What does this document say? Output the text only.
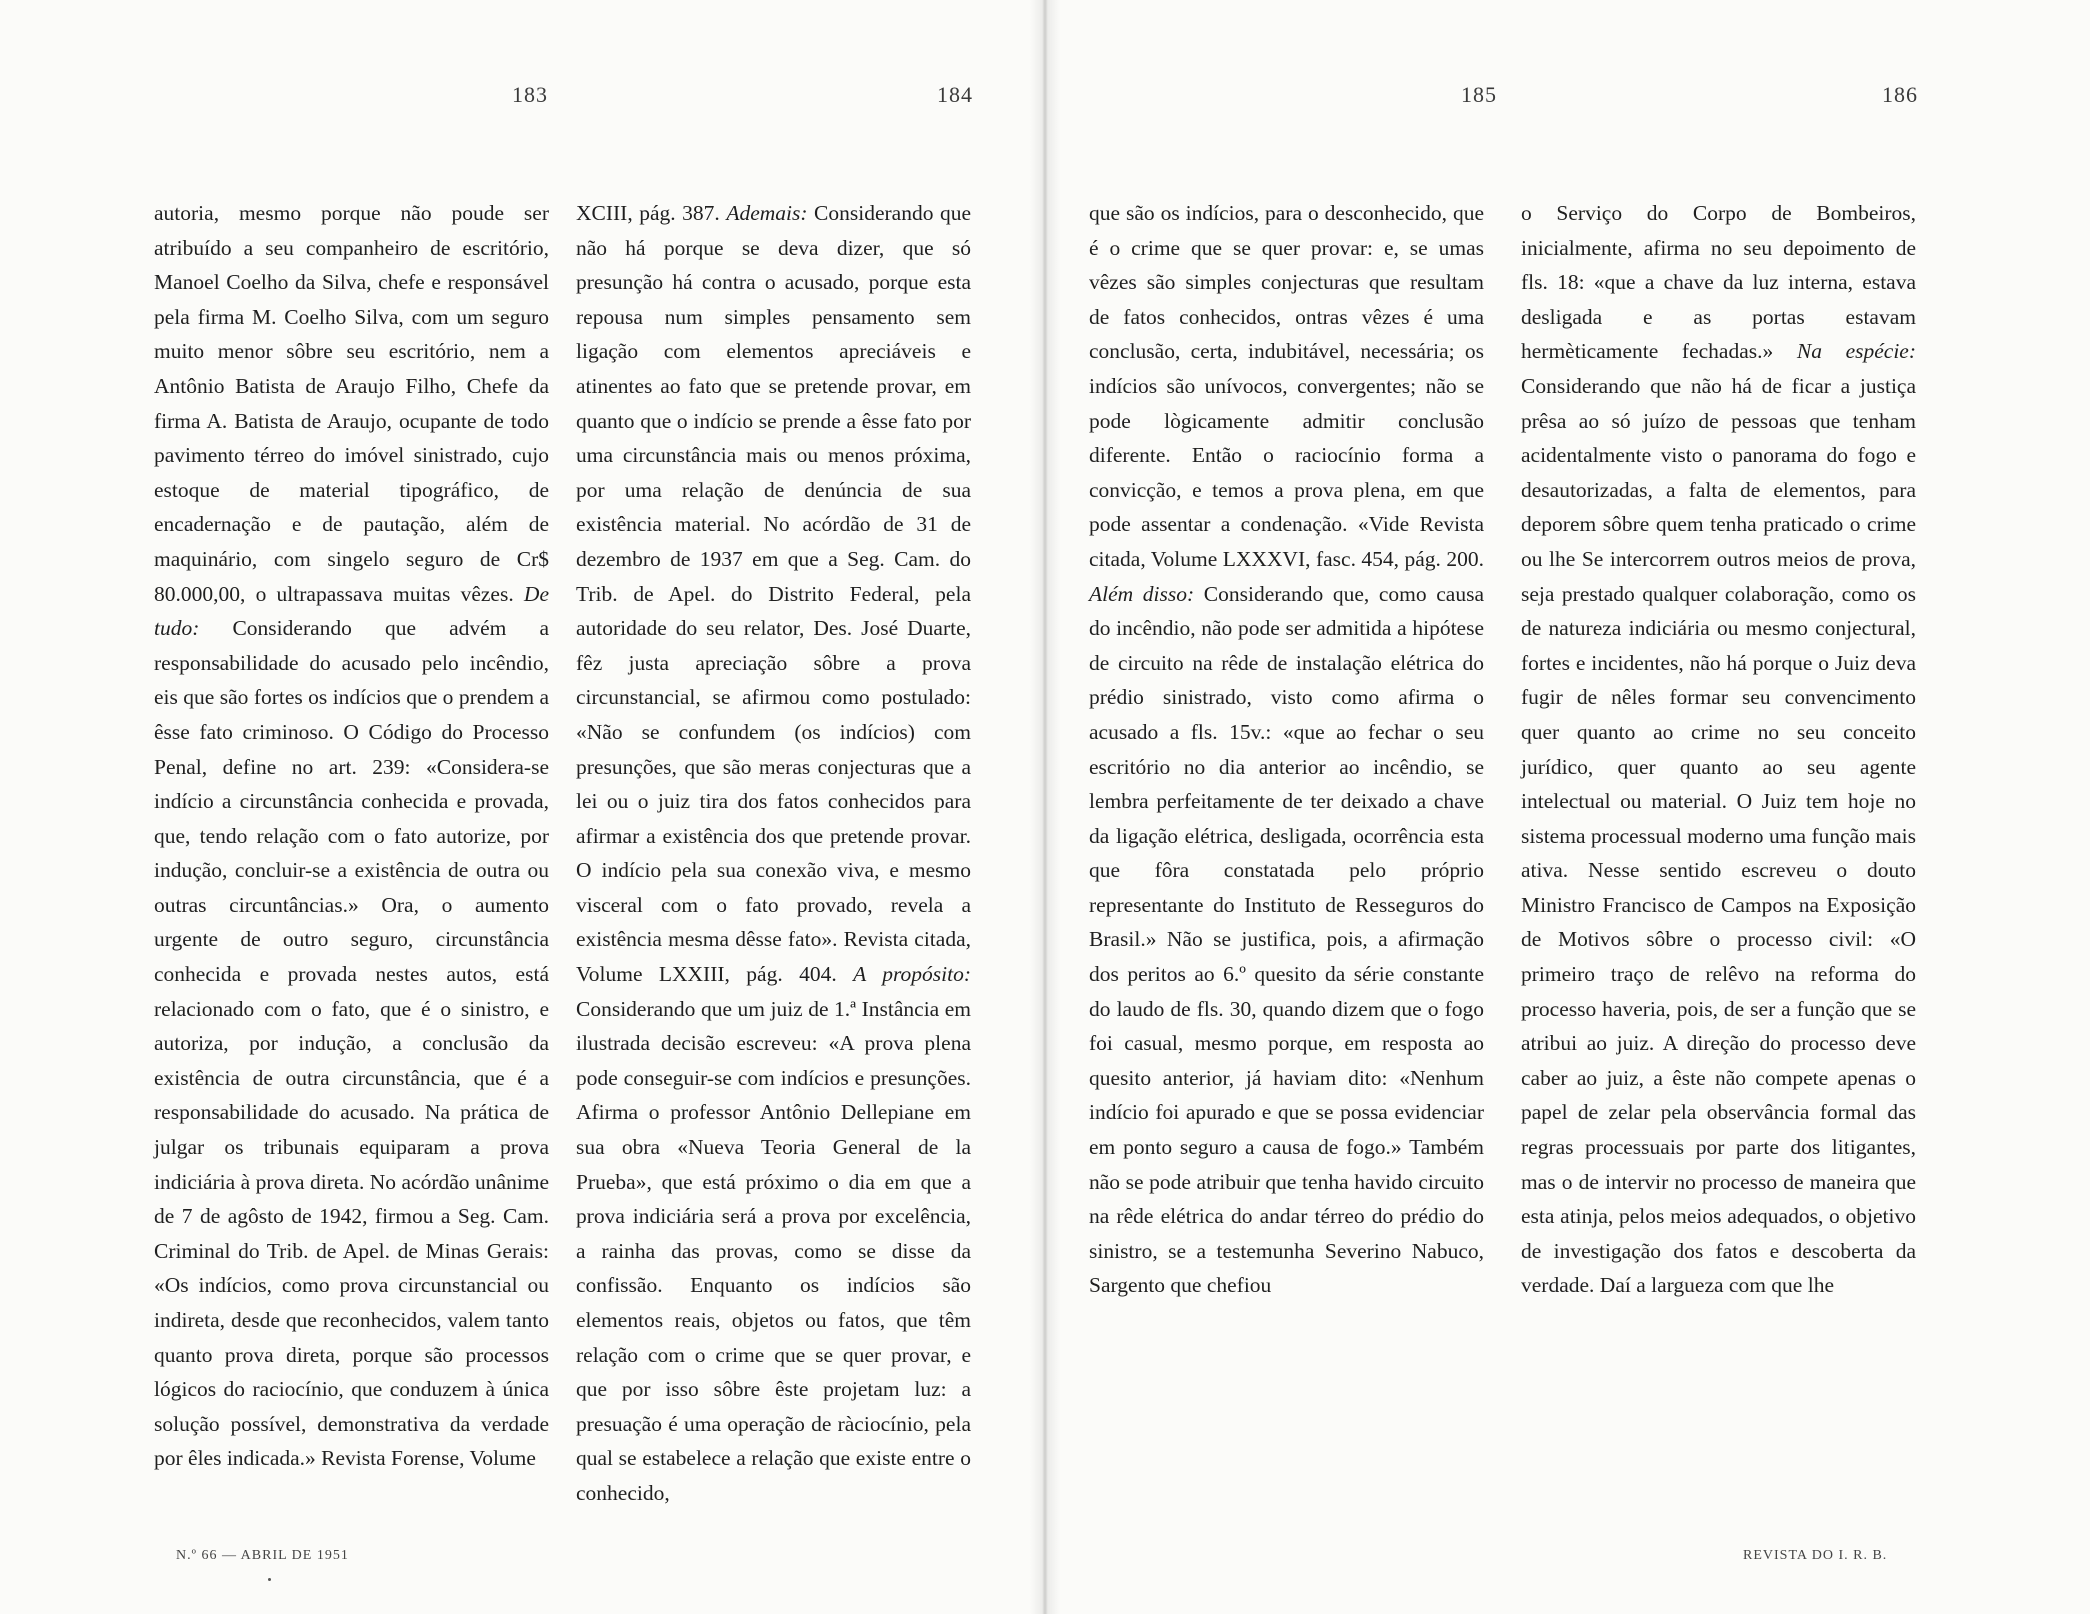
183	184

autoria, mesmo porque não poude ser atribuído a seu companheiro de escritório, Manoel Coelho da Silva, chefe e responsável pela firma M. Coelho Silva, com um seguro muito menor sôbre seu escritório, nem a Antônio Batista de Araujo Filho, Chefe da firma A. Batista de Araujo, ocupante de todo pavimento térreo do imóvel sinistrado, cujo estoque de material tipográfico, de encadernação e de pautação, além de maquinário, com singelo seguro de Cr$ 80.000,00, o ultrapassava muitas vêzes. De tudo: Considerando que advém a responsabilidade do acusado pelo incêndio, eis que são fortes os indícios que o prendem a êsse fato criminoso. O Código do Processo Penal, define no art. 239: «Considera-se indício a circunstância conhecida e provada, que, tendo relação com o fato autorize, por indução, concluir-se a existência de outra ou outras circuntâncias.» Ora, o aumento urgente de outro seguro, circunstância conhecida e provada nestes autos, está relacionado com o fato, que é o sinistro, e autoriza, por indução, a conclusão da existência de outra circunstância, que é a responsabilidade do acusado. Na prática de julgar os tribunais equiparam a prova indiciária à prova direta. No acórdão unânime de 7 de agôsto de 1942, firmou a Seg. Cam. Criminal do Trib. de Apel. de Minas Gerais: «Os indícios, como prova circunstancial ou indireta, desde que reconhecidos, valem tanto quanto prova direta, porque são processos lógicos do raciocínio, que conduzem à única solução possível, demonstrativa da verdade por êles indicada.» Revista Forense, Volume

XCIII, pág. 387. Ademais: Considerando que não há porque se deva dizer, que só presunção há contra o acusado, porque esta repousa num simples pensamento sem ligação com elementos apreciáveis e atinentes ao fato que se pretende provar, em quanto que o indício se prende a êsse fato por uma circunstância mais ou menos próxima, por uma relação de denúncia de sua existência material. No acórdão de 31 de dezembro de 1937 em que a Seg. Cam. do Trib. de Apel. do Distrito Federal, pela autoridade do seu relator, Des. José Duarte, fêz justa apreciação sôbre a prova circunstancial, se afirmou como postulado: «Não se confundem (os indícios) com presunções, que são meras conjecturas que a lei ou o juiz tira dos fatos conhecidos para afirmar a existência dos que pretende provar. O indício pela sua conexão viva, e mesmo visceral com o fato provado, revela a existência mesma dêsse fato». Revista citada, Volume LXXIII, pág. 404. A propósito: Considerando que um juiz de 1.ª Instância em ilustrada decisão escreveu: «A prova plena pode conseguir-se com indícios e presunções. Afirma o professor Antônio Dellepiane em sua obra «Nueva Teoria General de la Prueba», que está próximo o dia em que a prova indiciária será a prova por excelência, a rainha das provas, como se disse da confissão. Enquanto os indícios são elementos reais, objetos ou fatos, que têm relação com o crime que se quer provar, e que por isso sôbre êste projetam luz: a presuação é uma operação de ràciocínio, pela qual se estabelece a relação que existe entre o conhecido,

N.º 66 — ABRIL DE 1951
185	186

que são os indícios, para o desconhecido, que é o crime que se quer provar: e, se umas vêzes são simples conjecturas que resultam de fatos conhecidos, ontras vêzes é uma conclusão, certa, indubitável, necessária; os indícios são unívocos, convergentes; não se pode lògicamente admitir conclusão diferente. Então o raciocínio forma a convicção, e temos a prova plena, em que pode assentar a condenação. «Vide Revista citada, Volume LXXXVI, fasc. 454, pág. 200. Além disso: Considerando que, como causa do incêndio, não pode ser admitida a hipótese de circuito na rêde de instalação elétrica do prédio sinistrado, visto como afirma o acusado a fls. 15v.: «que ao fechar o seu escritório no dia anterior ao incêndio, se lembra perfeitamente de ter deixado a chave da ligação elétrica, desligada, ocorrência esta que fôra constatada pelo próprio representante do Instituto de Resseguros do Brasil.» Não se justifica, pois, a afirmação dos peritos ao 6.º quesito da série constante do laudo de fls. 30, quando dizem que o fogo foi casual, mesmo porque, em resposta ao quesito anterior, já haviam dito: «Nenhum indício foi apurado e que se possa evidenciar em ponto seguro a causa de fogo.» Também não se pode atribuir que tenha havido circuito na rêde elétrica do andar térreo do prédio do sinistro, se a testemunha Severino Nabuco, Sargento que chefiou

o Serviço do Corpo de Bombeiros, inicialmente, afirma no seu depoimento de fls. 18: «que a chave da luz interna, estava desligada e as portas estavam hermèticamente fechadas.» Na espécie: Considerando que não há de ficar a justiça prêsa ao só juízo de pessoas que tenham acidentalmente visto o panorama do fogo e desautorizadas, a falta de elementos, para deporem sôbre quem tenha praticado o crime ou lhe Se intercorrem outros meios de prova, seja prestado qualquer colaboração, como os de natureza indiciária ou mesmo conjectural, fortes e incidentes, não há porque o Juiz deva fugir de nêles formar seu convencimento quer quanto ao crime no seu conceito jurídico, quer quanto ao seu agente intelectual ou material. O Juiz tem hoje no sistema processual moderno uma função mais ativa. Nesse sentido escreveu o douto Ministro Francisco de Campos na Exposição de Motivos sôbre o processo civil: «O primeiro traço de relêvo na reforma do processo haveria, pois, de ser a função que se atribui ao juiz. A direção do processo deve caber ao juiz, a êste não compete apenas o papel de zelar pela observância formal das regras processuais por parte dos litigantes, mas o de intervir no processo de maneira que esta atinja, pelos meios adequados, o objetivo de investigação dos fatos e descoberta da verdade. Daí a largueza com que lhe

REVISTA DO I. R. B.
